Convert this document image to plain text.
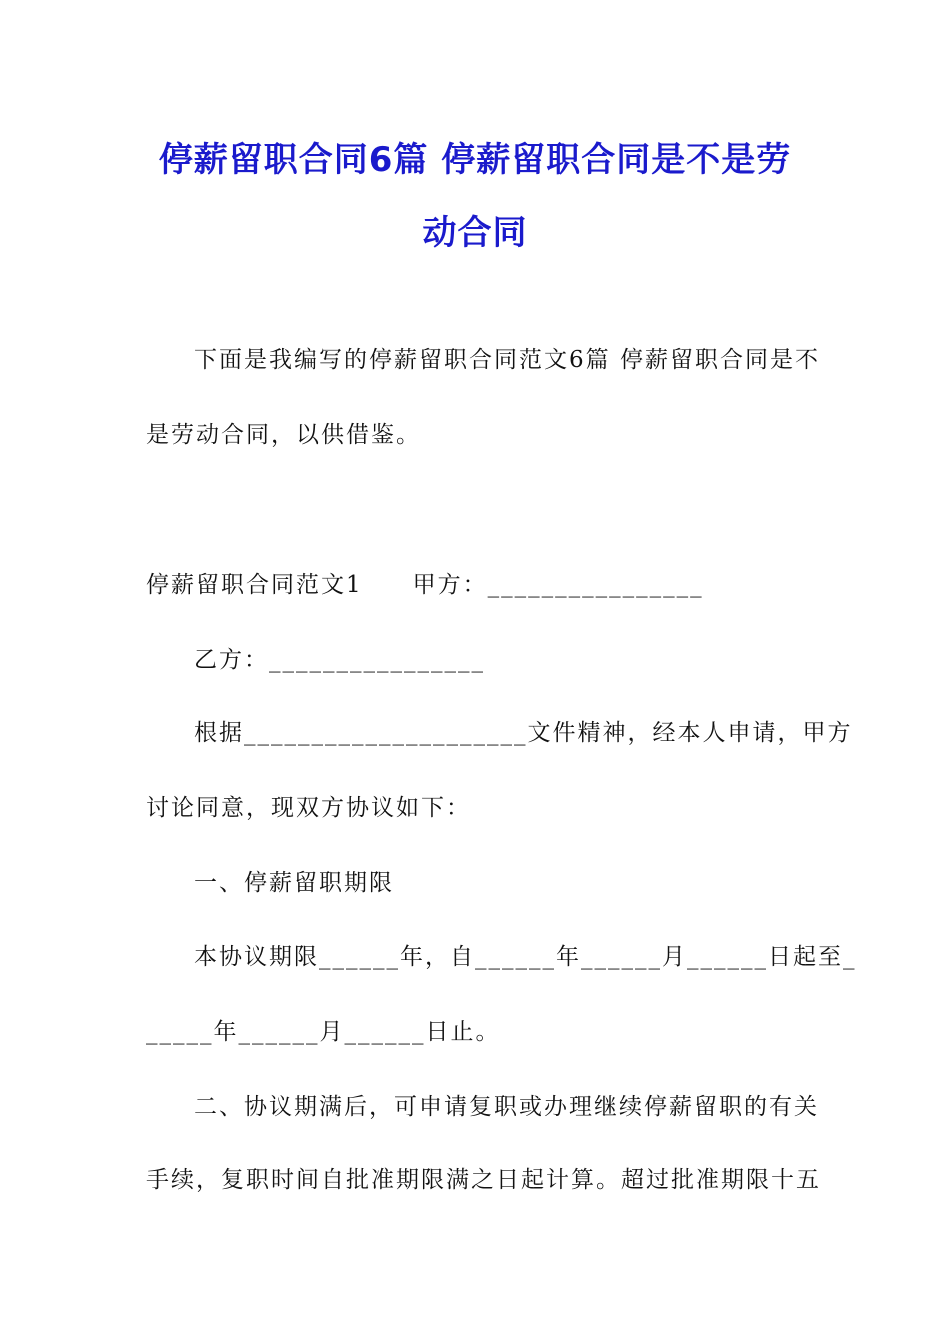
停薪留职合同6篇 停薪留职合同是不是劳
动合同
下面是我编写的停薪留职合同范文6篇 停薪留职合同是不
是劳动合同，以供借鉴。
停薪留职合同范文1　　甲方：________________
乙方：________________
根据_____________________文件精神，经本人申请，甲方
讨论同意，现双方协议如下：
一、停薪留职期限
本协议期限______年，自______年______月______日起至_
_____年______月______日止。
二、协议期满后，可申请复职或办理继续停薪留职的有关
手续，复职时间自批准期限满之日起计算。超过批准期限十五
